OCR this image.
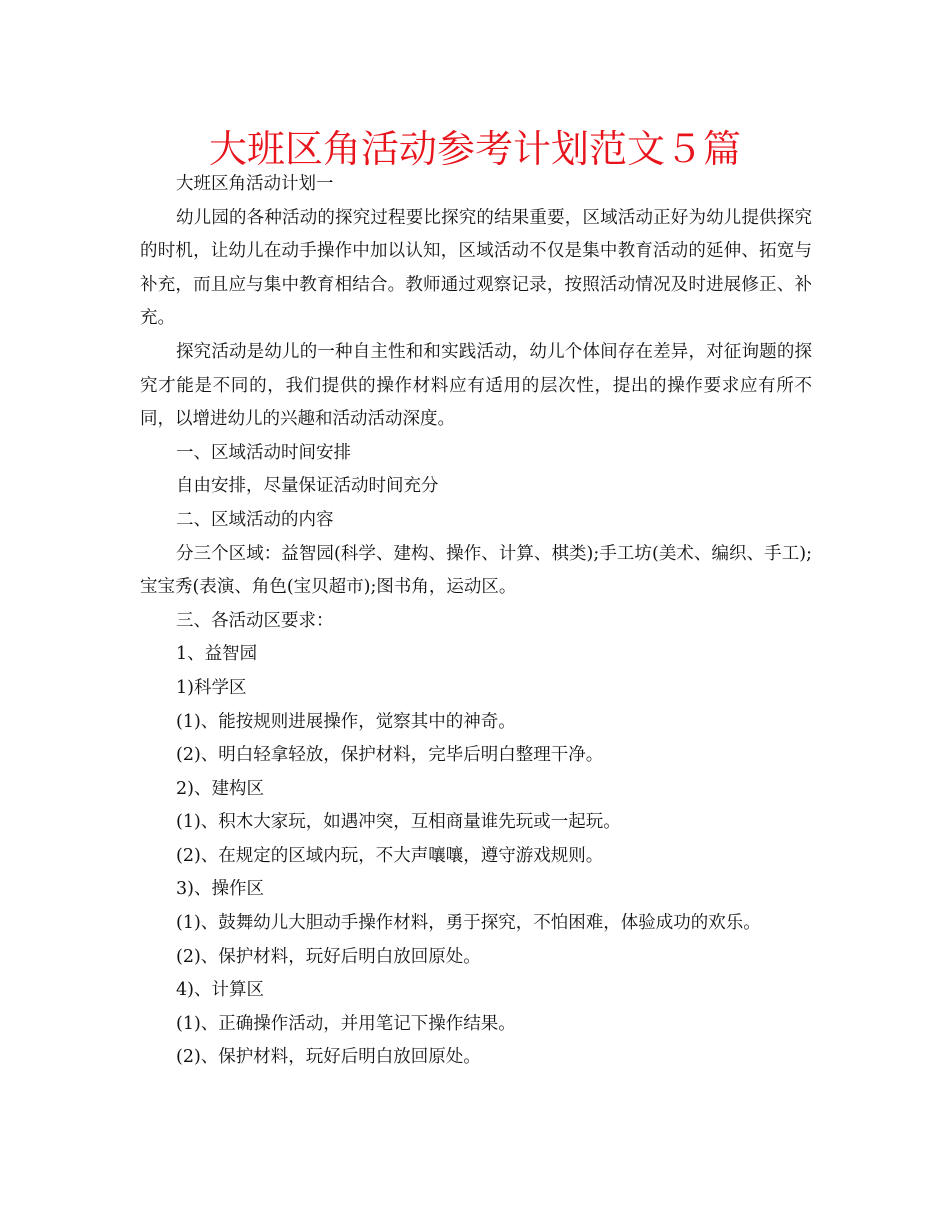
大班区角活动参考计划范文５篇

大班区角活动计划一

幼儿园的各种活动的探究过程要比探究的结果重要，区域活动正好为幼儿提供探究的时机，让幼儿在动手操作中加以认知，区域活动不仅是集中教育活动的延伸、拓宽与补充，而且应与集中教育相结合。教师通过观察记录，按照活动情况及时进展修正、补充。

探究活动是幼儿的一种自主性和和实践活动，幼儿个体间存在差异，对征询题的探究才能是不同的，我们提供的操作材料应有适用的层次性，提出的操作要求应有所不同，以增进幼儿的兴趣和活动活动深度。

一、区域活动时间安排

自由安排，尽量保证活动时间充分

二、区域活动的内容

分三个区域：益智园(科学、建构、操作、计算、棋类);手工坊(美术、编织、手工);宝宝秀(表演、角色(宝贝超市);图书角，运动区。

三、各活动区要求：

1、益智园

1)科学区

(1)、能按规则进展操作，觉察其中的神奇。

(2)、明白轻拿轻放，保护材料，完毕后明白整理干净。

2)、建构区

(1)、积木大家玩，如遇冲突，互相商量谁先玩或一起玩。

(2)、在规定的区域内玩，不大声嚷嚷，遵守游戏规则。

3)、操作区

(1)、鼓舞幼儿大胆动手操作材料，勇于探究，不怕困难，体验成功的欢乐。

(2)、保护材料，玩好后明白放回原处。

4)、计算区

(1)、正确操作活动，并用笔记下操作结果。

(2)、保护材料，玩好后明白放回原处。
